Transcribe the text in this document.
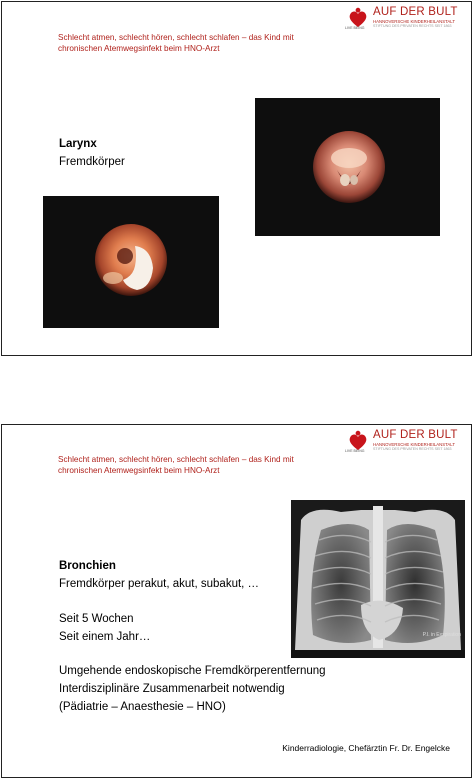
Schlecht atmen, schlecht hören, schlecht schlafen – das Kind mit
chronischen Atemwegsinfekt beim HNO-Arzt
LIVE BEING
AUF DER BULT
HANNOVERSCHE KINDERHEILANSTALT
STIFTUNG DES PRIVATEN RECHTS SEIT 1863
Larynx
Fremdkörper
Schlecht atmen, schlecht hören, schlecht schlafen – das Kind mit
chronischen Atemwegsinfekt beim HNO-Arzt
LIVE BEING
AUF DER BULT
HANNOVERSCHE KINDERHEILANSTALT
STIFTUNG DES PRIVATEN RECHTS SEIT 1863
P.I. in Exspiration
Bronchien
Fremdkörper perakut, akut, subakut, …
Seit 5 Wochen
Seit einem Jahr…
Umgehende endoskopische Fremdkörperentfernung
Interdisziplinäre Zusammenarbeit notwendig
(Pädiatrie – Anaesthesie – HNO)
Kinderradiologie, Chefärztin Fr. Dr. Engelcke
